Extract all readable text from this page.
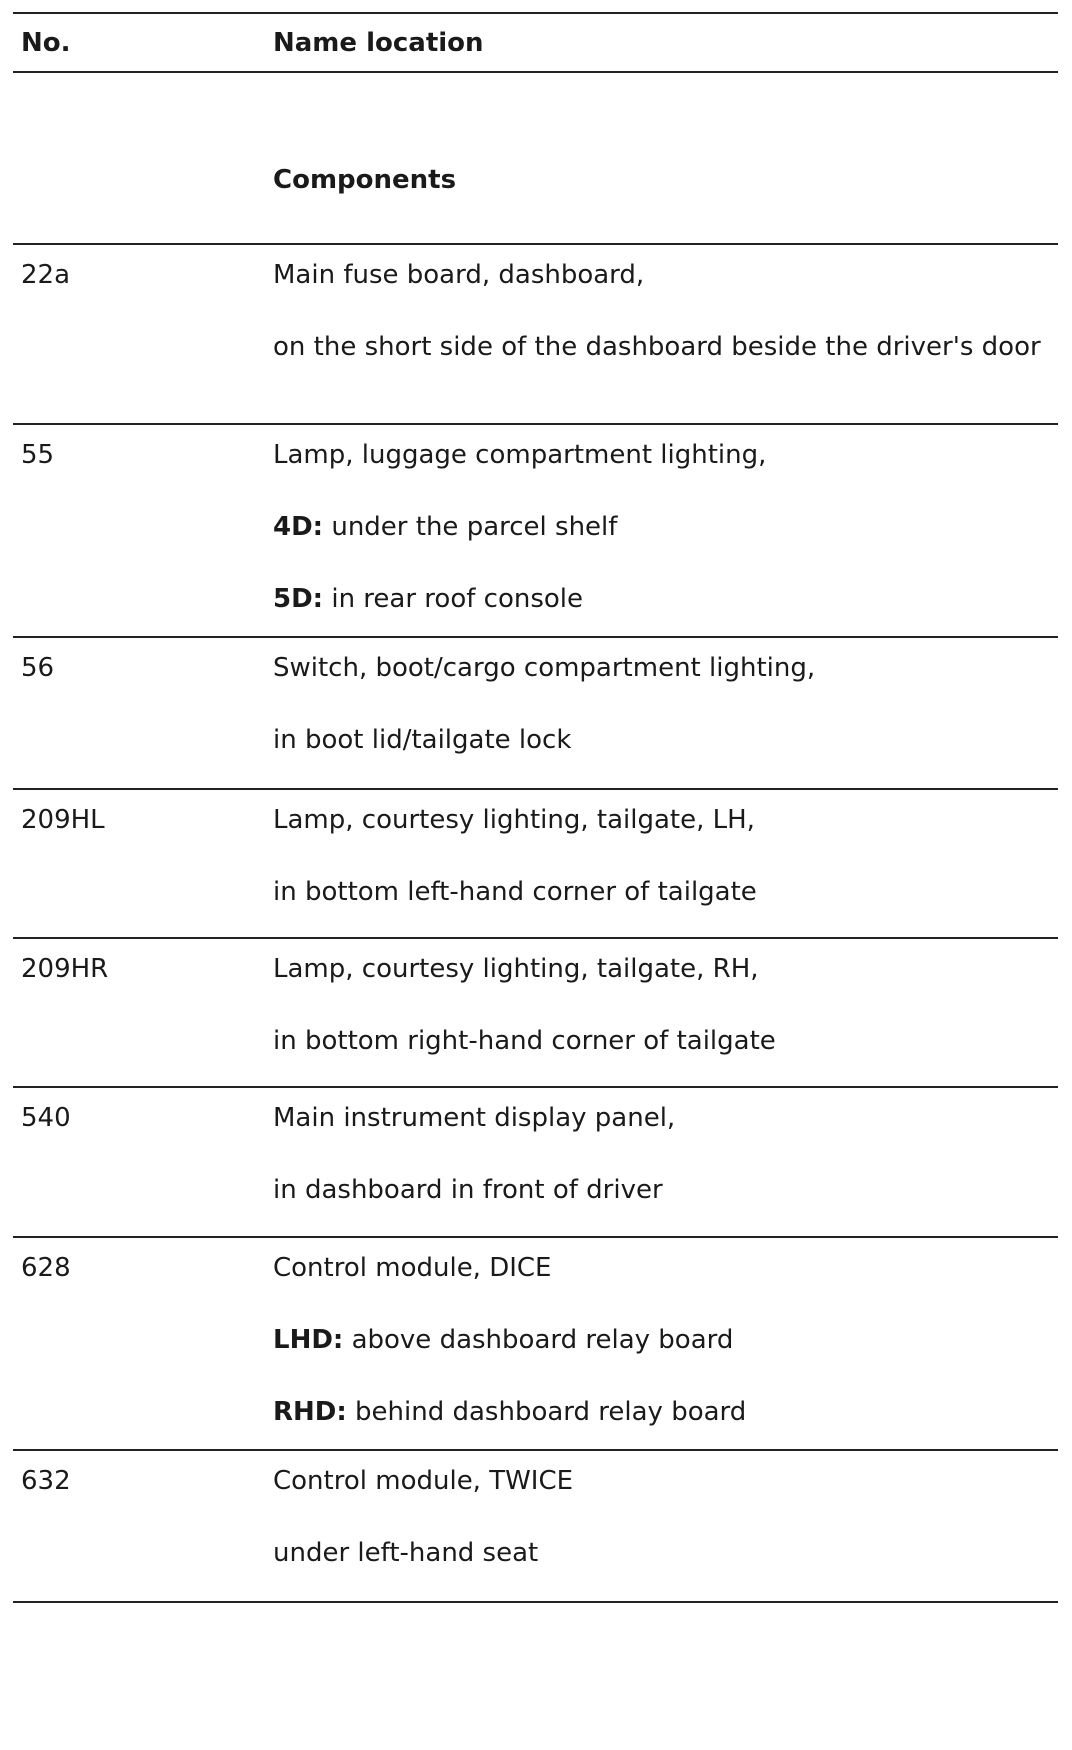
No.	Name location
Components
22a	Main fuse board, dashboard,
on the short side of the dashboard beside the driver's door
55	Lamp, luggage compartment lighting,
4D: under the parcel shelf
5D: in rear roof console
56	Switch, boot/cargo compartment lighting,
in boot lid/tailgate lock
209HL	Lamp, courtesy lighting, tailgate, LH,
in bottom left-hand corner of tailgate
209HR	Lamp, courtesy lighting, tailgate, RH,
in bottom right-hand corner of tailgate
540	Main instrument display panel,
in dashboard in front of driver
628	Control module, DICE
LHD: above dashboard relay board
RHD: behind dashboard relay board
632	Control module, TWICE
under left-hand seat
